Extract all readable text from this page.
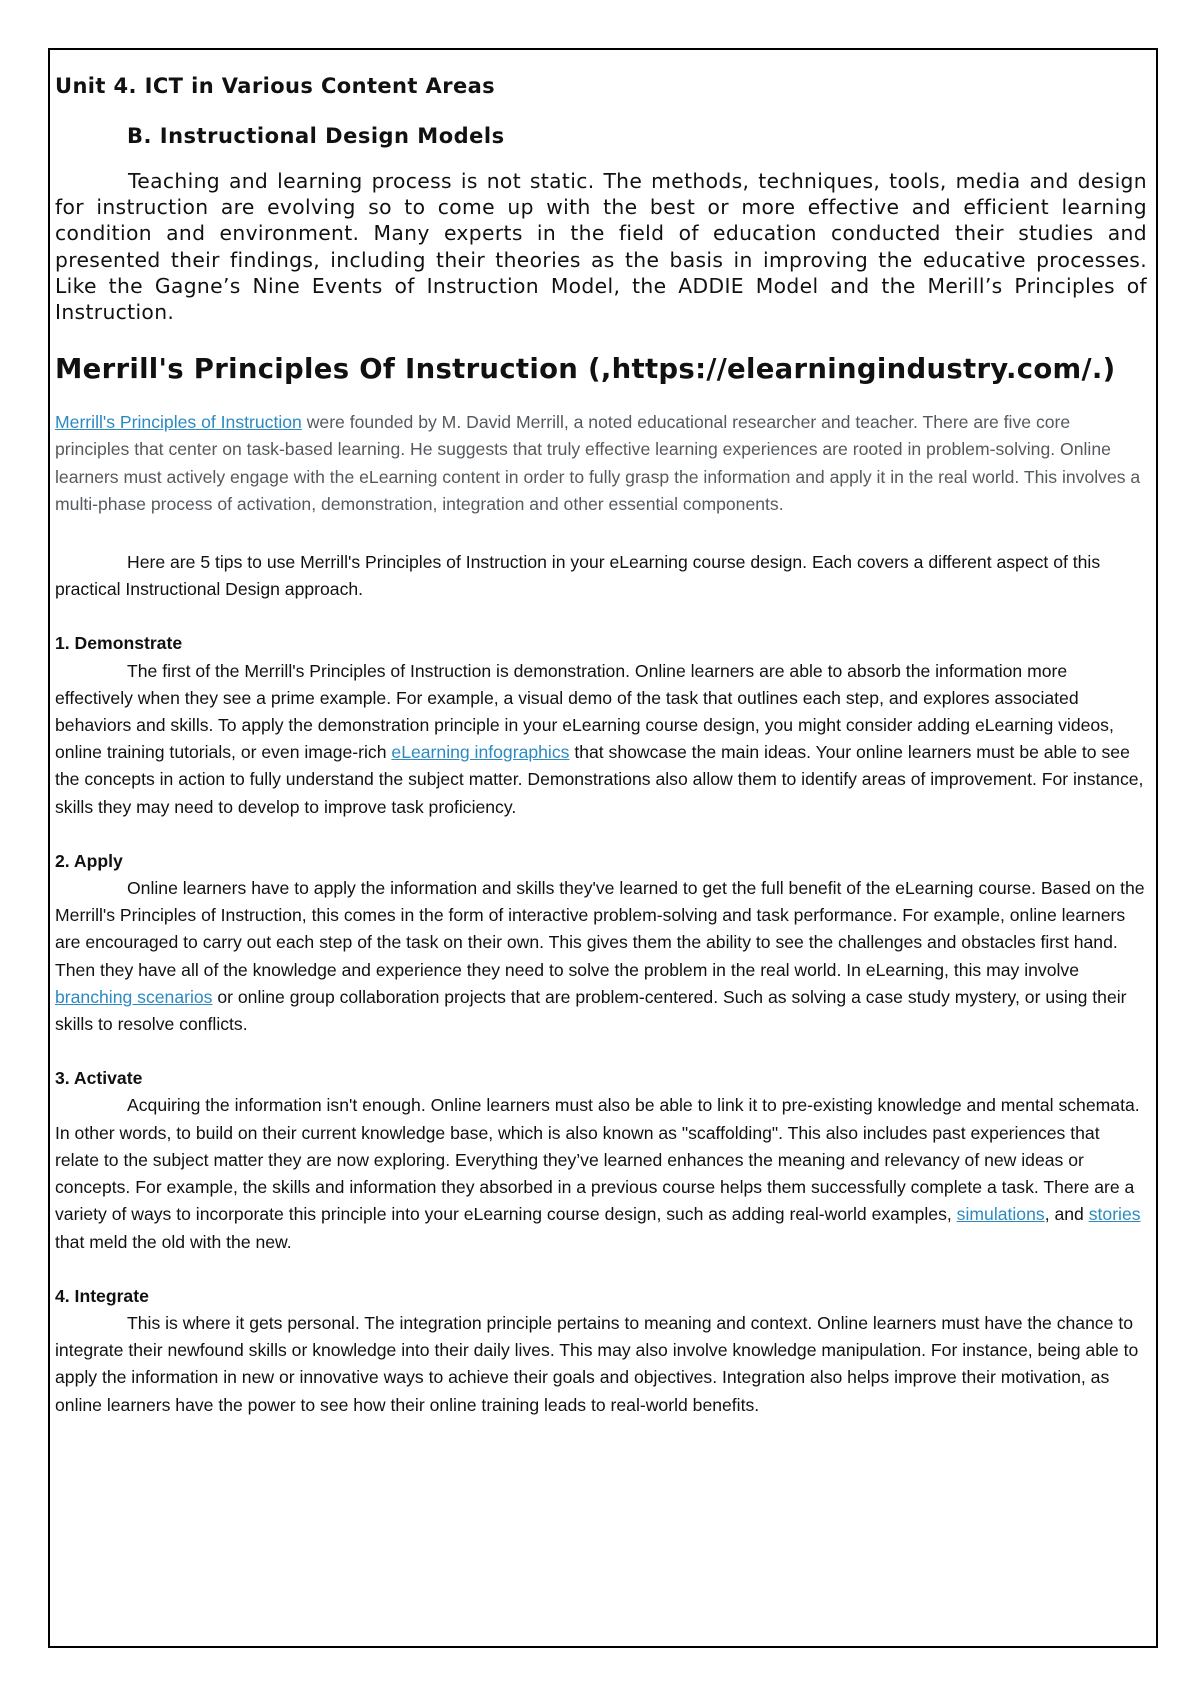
Unit 4. ICT in Various Content Areas
B. Instructional Design Models

Teaching and learning process is not static. The methods, techniques, tools, media and design for instruction are evolving so to come up with the best or more effective and efficient learning condition and environment. Many experts in the field of education conducted their studies and presented their findings, including their theories as the basis in improving the educative processes. Like the Gagne’s Nine Events of Instruction Model, the ADDIE Model and the Merill’s Principles of Instruction.

Merrill's Principles Of Instruction (,https://elearningindustry.com/.)

Merrill's Principles of Instruction were founded by M. David Merrill, a noted educational researcher and teacher. There are five core principles that center on task-based learning. He suggests that truly effective learning experiences are rooted in problem-solving. Online learners must actively engage with the eLearning content in order to fully grasp the information and apply it in the real world. This involves a multi-phase process of activation, demonstration, integration and other essential components.

Here are 5 tips to use Merrill's Principles of Instruction in your eLearning course design. Each covers a different aspect of this practical Instructional Design approach.

1. Demonstrate

The first of the Merrill's Principles of Instruction is demonstration. Online learners are able to absorb the information more effectively when they see a prime example. For example, a visual demo of the task that outlines each step, and explores associated behaviors and skills. To apply the demonstration principle in your eLearning course design, you might consider adding eLearning videos, online training tutorials, or even image-rich eLearning infographics that showcase the main ideas. Your online learners must be able to see the concepts in action to fully understand the subject matter. Demonstrations also allow them to identify areas of improvement. For instance, skills they may need to develop to improve task proficiency.

2. Apply

Online learners have to apply the information and skills they've learned to get the full benefit of the eLearning course. Based on the Merrill's Principles of Instruction, this comes in the form of interactive problem-solving and task performance. For example, online learners are encouraged to carry out each step of the task on their own. This gives them the ability to see the challenges and obstacles first hand. Then they have all of the knowledge and experience they need to solve the problem in the real world. In eLearning, this may involve branching scenarios or online group collaboration projects that are problem-centered. Such as solving a case study mystery, or using their skills to resolve conflicts.

3. Activate

Acquiring the information isn't enough. Online learners must also be able to link it to pre-existing knowledge and mental schemata. In other words, to build on their current knowledge base, which is also known as "scaffolding". This also includes past experiences that relate to the subject matter they are now exploring. Everything they’ve learned enhances the meaning and relevancy of new ideas or concepts. For example, the skills and information they absorbed in a previous course helps them successfully complete a task. There are a variety of ways to incorporate this principle into your eLearning course design, such as adding real-world examples, simulations, and stories that meld the old with the new.

4. Integrate

This is where it gets personal. The integration principle pertains to meaning and context. Online learners must have the chance to integrate their newfound skills or knowledge into their daily lives. This may also involve knowledge manipulation. For instance, being able to apply the information in new or innovative ways to achieve their goals and objectives. Integration also helps improve their motivation, as online learners have the power to see how their online training leads to real-world benefits.
